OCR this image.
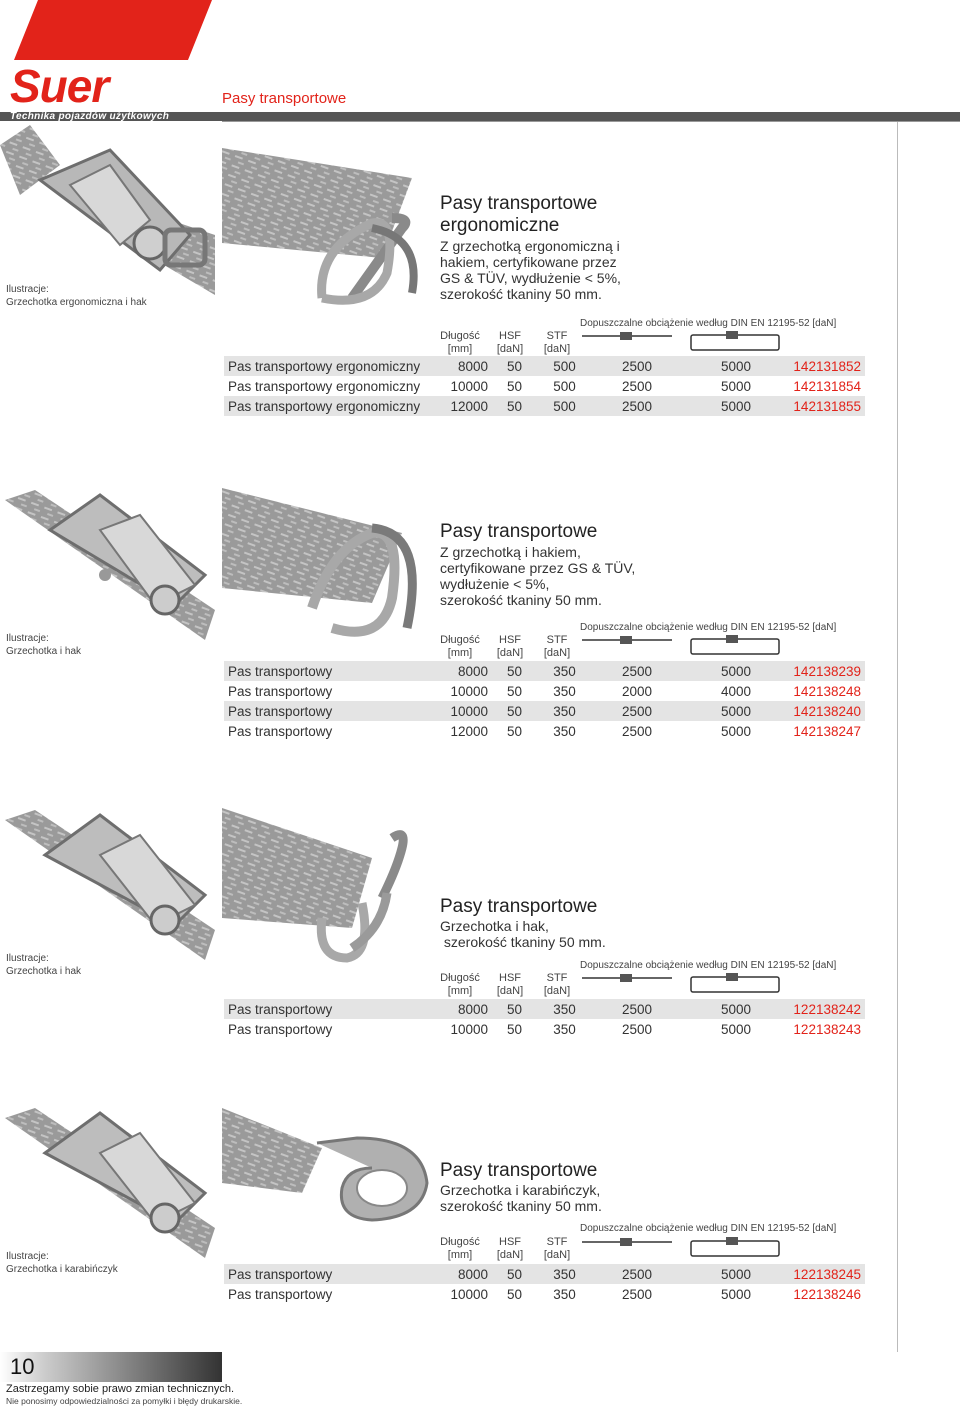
Suer	Pasy transportowe
Technika pojazdów użytkowych
Ilustracje:
Grzechotka ergonomiczna i hak
Pasy transportowe
ergonomiczne
Z grzechotką ergonomiczną i
hakiem, certyfikowane przez
GS & TÜV, wydłużenie < 5%,
szerokość tkaniny 50 mm.
Dopuszczalne obciążenie według DIN EN 12195-52 [daN]
Długość
[mm]
HSF
[daN]
STF
[daN]
Pas transportowy ergonomiczny	8000	50	500	2500	5000	142131852
Pas transportowy ergonomiczny	10000	50	500	2500	5000	142131854
Pas transportowy ergonomiczny	12000	50	500	2500	5000	142131855
Ilustracje:
Grzechotka i hak
Pasy transportowe
Z grzechotką i hakiem,
certyfikowane przez GS & TÜV,
wydłużenie < 5%,
szerokość tkaniny 50 mm.
Dopuszczalne obciążenie według DIN EN 12195-52 [daN]
Długość
[mm]
HSF
[daN]
STF
[daN]
Pas transportowy	8000	50	350	2500	5000	142138239
Pas transportowy	10000	50	350	2000	4000	142138248
Pas transportowy	10000	50	350	2500	5000	142138240
Pas transportowy	12000	50	350	2500	5000	142138247
Ilustracje:
Grzechotka i hak
Pasy transportowe
Grzechotka i hak,
szerokość tkaniny 50 mm.
Dopuszczalne obciążenie według DIN EN 12195-52 [daN]
Długość
[mm]
HSF
[daN]
STF
[daN]
Pas transportowy	8000	50	350	2500	5000	122138242
Pas transportowy	10000	50	350	2500	5000	122138243
Ilustracje:
Grzechotka i karabińczyk
Pasy transportowe
Grzechotka i karabińczyk,
szerokość tkaniny 50 mm.
Dopuszczalne obciążenie według DIN EN 12195-52 [daN]
Długość
[mm]
HSF
[daN]
STF
[daN]
Pas transportowy	8000	50	350	2500	5000	122138245
Pas transportowy	10000	50	350	2500	5000	122138246
10
Zastrzegamy sobie prawo zmian technicznych.
Nie ponosimy odpowiedzialności za pomyłki i błędy drukarskie.
